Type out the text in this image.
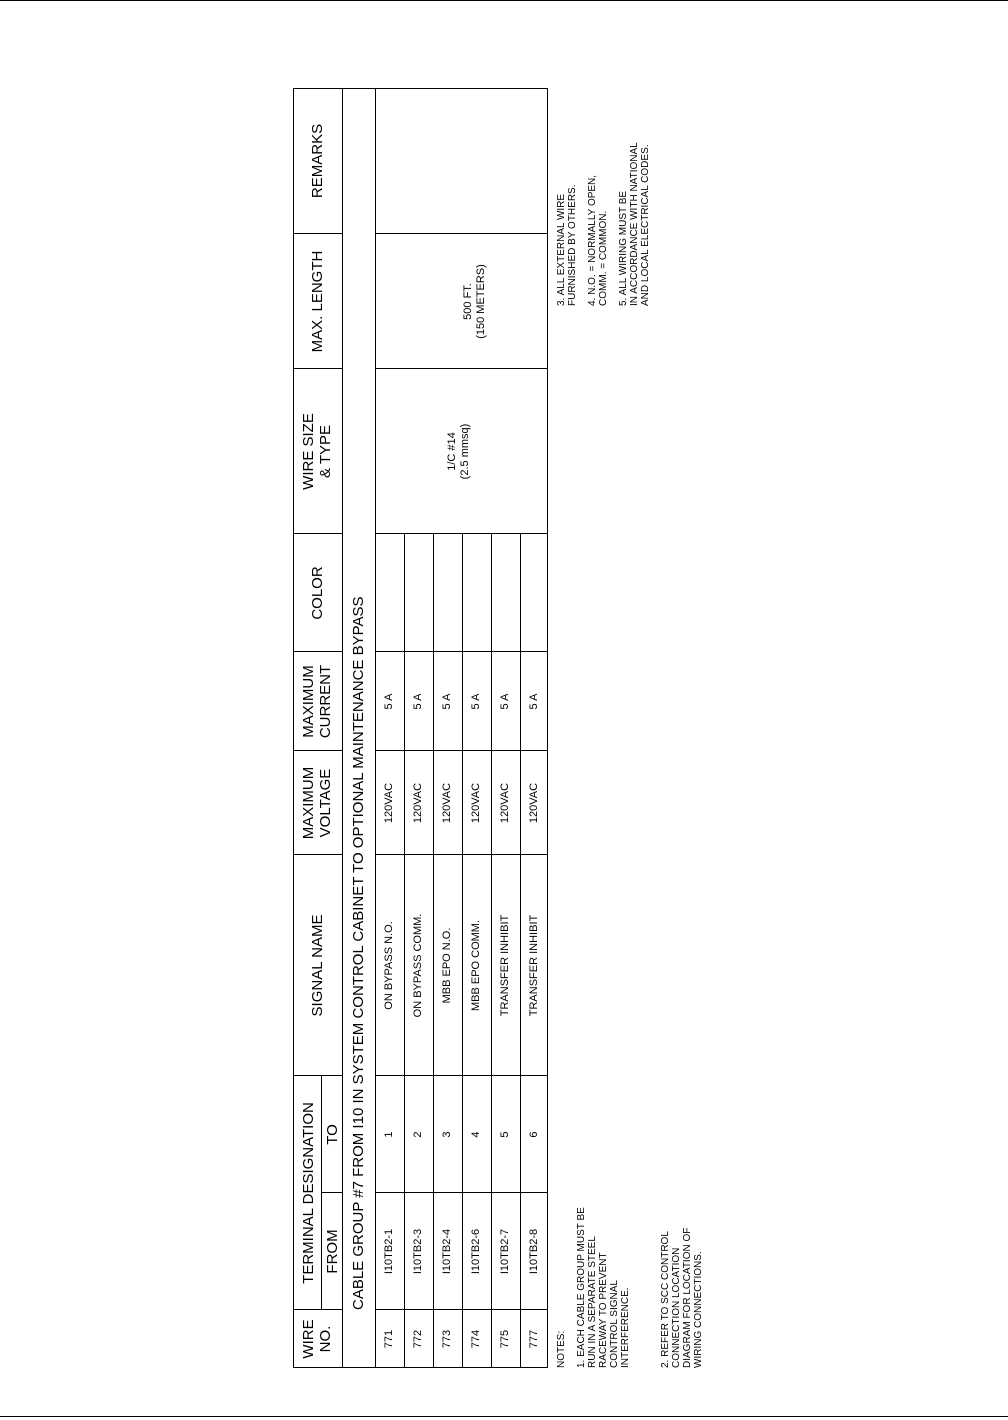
WIRE NO.
TERMINAL DESIGNATION FROM
TO
SIGNAL NAME
MAXIMUM VOLTAGE
MAXIMUM CURRENT
COLOR
WIRE SIZE & TYPE
MAX. LENGTH
REMARKS
CABLE GROUP #7 FROM I10 IN SYSTEM CONTROL CABINET TO OPTIONAL MAINTENANCE BYPASS
771
I10TB2-1
1
ON BYPASS N.O.
120VAC
5 A
772
I10TB2-3
2
ON BYPASS COMM.
120VAC
5 A
773
I10TB2-4
3
MBB EPO N.O.
120VAC
5 A
774
I10TB2-6
4
MBB EPO COMM.
120VAC
5 A
775
I10TB2-7
5
TRANSFER INHIBIT
120VAC
5 A
777
I10TB2-8
6
TRANSFER INHIBIT
120VAC
5 A
1/C #14 (2.5 mmsq)
500 FT. (150 METERS)

NOTES: 1. EACH CABLE GROUP MUST BE
RUN IN A SEPARATE STEEL
RACEWAY TO PREVENT
CONTROL SIGNAL
INTERFERENCE.	2. REFER TO SCC CONTROL
CONNECTION LOCATION
DIAGRAM FOR LOCATION OF
WIRING CONNECTIONS.

3. ALL EXTERNAL WIRE
FURNISHED BY OTHERS. 4. N.O. = NORMALLY OPEN,
COMM. = COMMON. 5. ALL WIRING MUST BE
IN ACCORDANCE WITH NATIONAL
AND LOCAL ELECTRICAL CODES.
